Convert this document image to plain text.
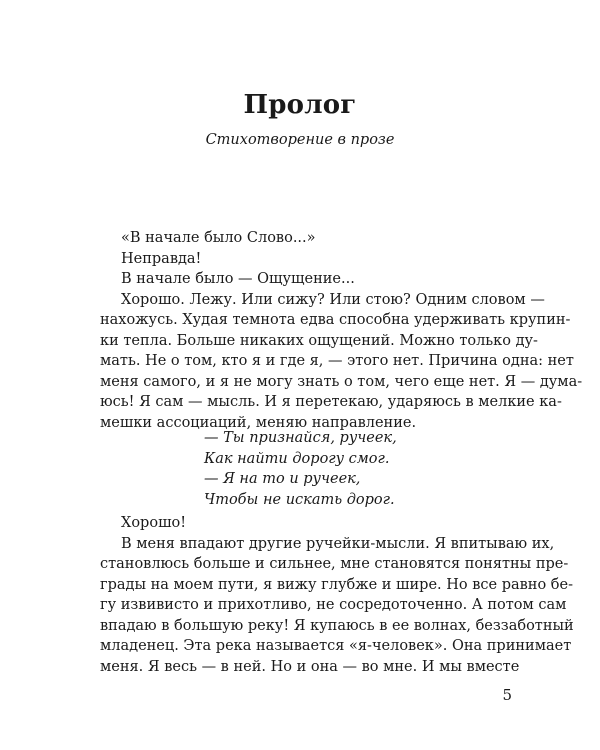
Пролог
Стихотворение в прозе

«В начале было Слово...»

Неправда!

В начале было — Ощущение...

Хорошо. Лежу. Или сижу? Или стою? Одним словом —
нахожусь. Худая темнота едва способна удерживать крупин-
ки тепла. Больше никаких ощущений. Можно только ду-
мать. Не о том, кто я и где я, — этого нет. Причина одна: нет
меня самого, и я не могу знать о том, чего еще нет. Я — дума-
юсь! Я сам — мысль. И я перетекаю, ударяюсь в мелкие ка-
мешки ассоциаций, меняю направление.
— Ты признайся, ручеек,
Как найти дорогу смог.
— Я на то и ручеек,
Чтобы не искать дорог.

Хорошо!

В меня впадают другие ручейки-мысли. Я впитываю их,
становлюсь больше и сильнее, мне становятся понятны пре-
грады на моем пути, я вижу глубже и шире. Но все равно бе-
гу извивисто и прихотливо, не сосредоточенно. А потом сам
впадаю в большую реку! Я купаюсь в ее волнах, беззаботный
младенец. Эта река называется «я-человек». Она принимает
меня. Я весь — в ней. Но и она — во мне. И мы вместе
5
